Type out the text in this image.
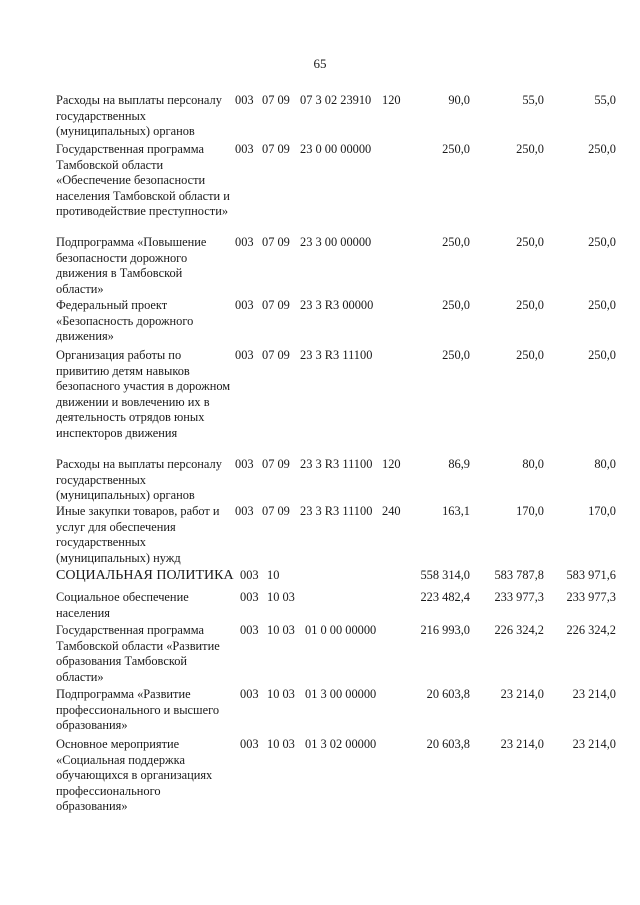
65
Расходы на выплаты персоналу государственных (муниципальных) органов
003 07 09 07 3 02 23910 120	90,0	55,0	55,0
Государственная программа Тамбовской области «Обеспечение безопасности населения Тамбовской области и противодействие преступности»
003 07 09 23 0 00 00000	250,0	250,0	250,0
Подпрограмма «Повышение безопасности дорожного движения в Тамбовской области»
003 07 09 23 3 00 00000	250,0	250,0	250,0
Федеральный проект «Безопасность дорожного движения»
003 07 09 23 3 R3 00000	250,0	250,0	250,0
Организация работы по привитию детям навыков безопасного участия в дорожном движении и вовлечению их в деятельность отрядов юных инспекторов движения
003 07 09 23 3 R3 11100	250,0	250,0	250,0
Расходы на выплаты персоналу государственных (муниципальных) органов
003 07 09 23 3 R3 11100 120	86,9	80,0	80,0
Иные закупки товаров, работ и услуг для обеспечения государственных (муниципальных) нужд
003 07 09 23 3 R3 11100 240	163,1	170,0	170,0
СОЦИАЛЬНАЯ ПОЛИТИКА 003 10	558 314,0 583 787,8 583 971,6
Социальное обеспечение населения
003 10 03	223 482,4 233 977,3 233 977,3
Государственная программа Тамбовской области «Развитие образования Тамбовской области»
003 10 03 01 0 00 00000	216 993,0 226 324,2 226 324,2
Подпрограмма «Развитие профессионального и высшего образования»
003 10 03 01 3 00 00000	20 603,8 23 214,0 23 214,0
Основное мероприятие «Социальная поддержка обучающихся в организациях профессионального образования»
003 10 03 01 3 02 00000	20 603,8 23 214,0 23 214,0
